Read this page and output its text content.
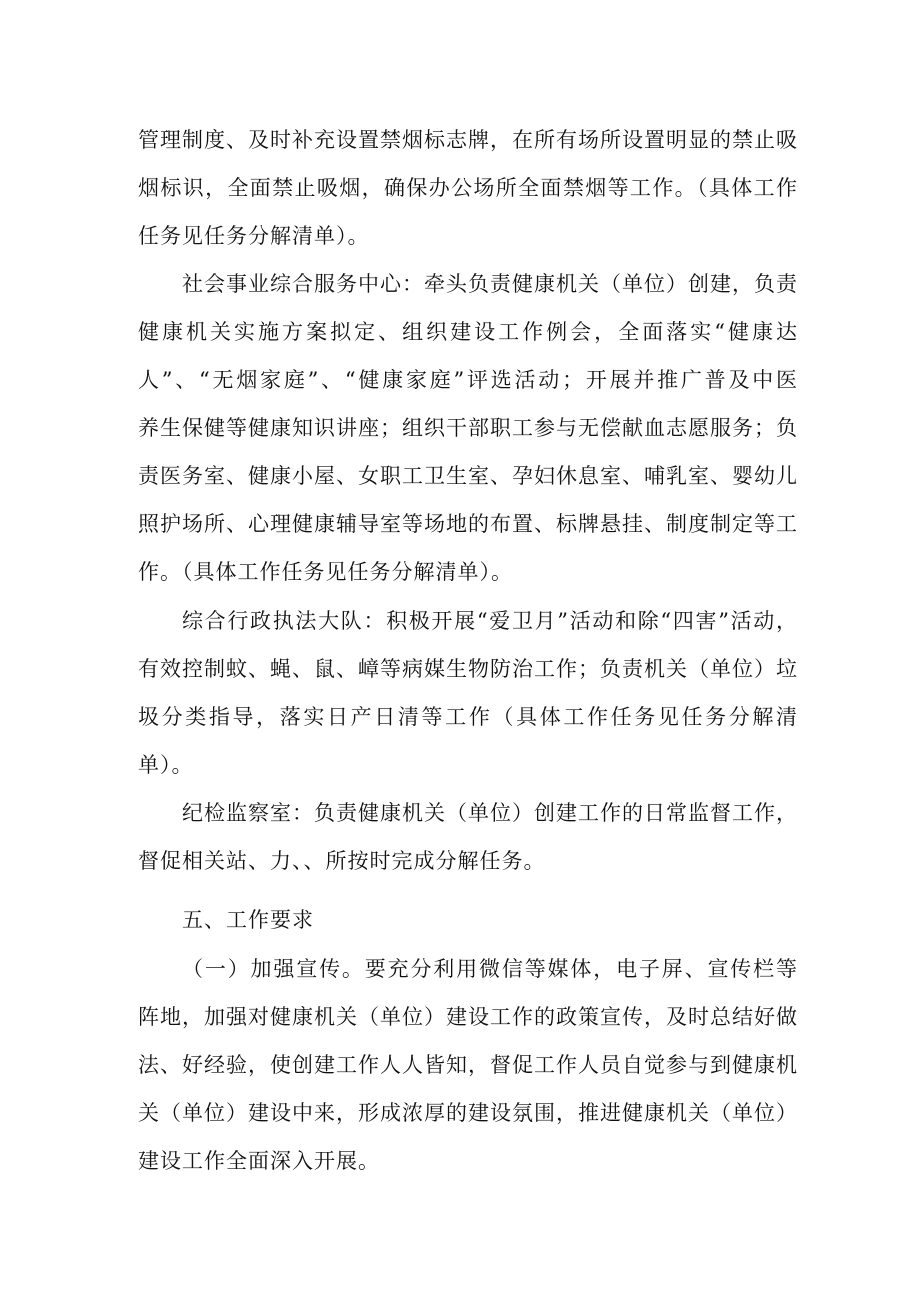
管理制度、及时补充设置禁烟标志牌，在所有场所设置明显的禁止吸
烟标识，全面禁止吸烟，确保办公场所全面禁烟等工作。（具体工作
任务见任务分解清单）。
社会事业综合服务中心：牵头负责健康机关（单位）创建，负责
健康机关实施方案拟定、组织建设工作例会，全面落实“健康达
人”、“无烟家庭”、“健康家庭”评选活动；开展并推广普及中医
养生保健等健康知识讲座；组织干部职工参与无偿献血志愿服务；负
责医务室、健康小屋、女职工卫生室、孕妇休息室、哺乳室、婴幼儿
照护场所、心理健康辅导室等场地的布置、标牌悬挂、制度制定等工
作。（具体工作任务见任务分解清单）。
综合行政执法大队：积极开展“爱卫月”活动和除“四害”活动，
有效控制蚊、蝇、鼠、嶂等病媒生物防治工作；负责机关（单位）垃
圾分类指导，落实日产日清等工作（具体工作任务见任务分解清
单）。
纪检监察室：负责健康机关（单位）创建工作的日常监督工作，
督促相关站、力、、所按时完成分解任务。
五、工作要求
（一）加强宣传。要充分利用微信等媒体，电子屏、宣传栏等
阵地，加强对健康机关（单位）建设工作的政策宣传，及时总结好做
法、好经验，使创建工作人人皆知，督促工作人员自觉参与到健康机
关（单位）建设中来，形成浓厚的建设氛围，推进健康机关（单位）
建设工作全面深入开展。
